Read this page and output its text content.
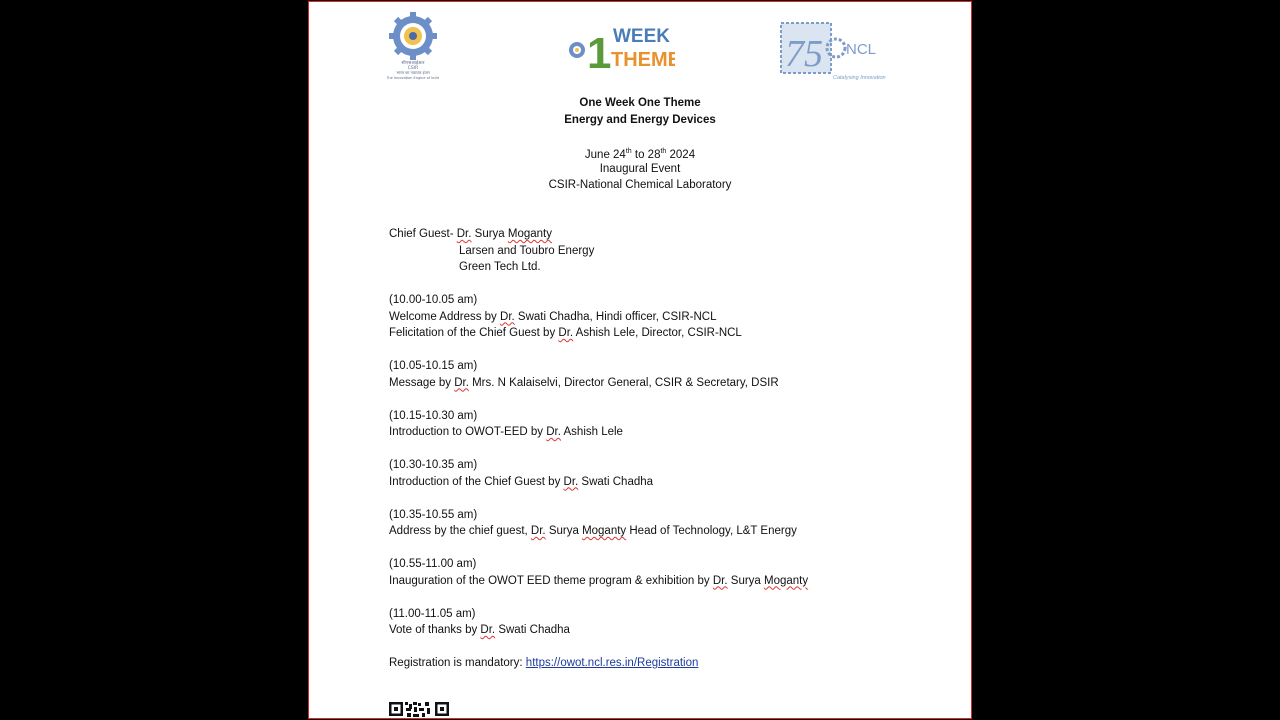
सीएसआईआर
CSIR
भारत का नवाचार इंजन
The Innovation Engine of India	1 WEEK
THEME	75 NCL
Catalysing Innovation
One Week One Theme
Energy and Energy Devices
June 24th to 28th 2024
Inaugural Event
CSIR-National Chemical Laboratory
Chief Guest- Dr. Surya Moganty
Larsen and Toubro Energy
Green Tech Ltd.
(10.00-10.05 am)
Welcome Address by Dr. Swati Chadha, Hindi officer, CSIR-NCL
Felicitation of the Chief Guest by Dr. Ashish Lele, Director, CSIR-NCL
(10.05-10.15 am)
Message by Dr. Mrs. N Kalaiselvi, Director General, CSIR & Secretary, DSIR
(10.15-10.30 am)
Introduction to OWOT-EED by Dr. Ashish Lele
(10.30-10.35 am)
Introduction of the Chief Guest by Dr. Swati Chadha
(10.35-10.55 am)
Address by the chief guest, Dr. Surya Moganty Head of Technology, L&T Energy
(10.55-11.00 am)
Inauguration of the OWOT EED theme program & exhibition by Dr. Surya Moganty
(11.00-11.05 am)
Vote of thanks by Dr. Swati Chadha
Registration is mandatory: https://owot.ncl.res.in/Registration
